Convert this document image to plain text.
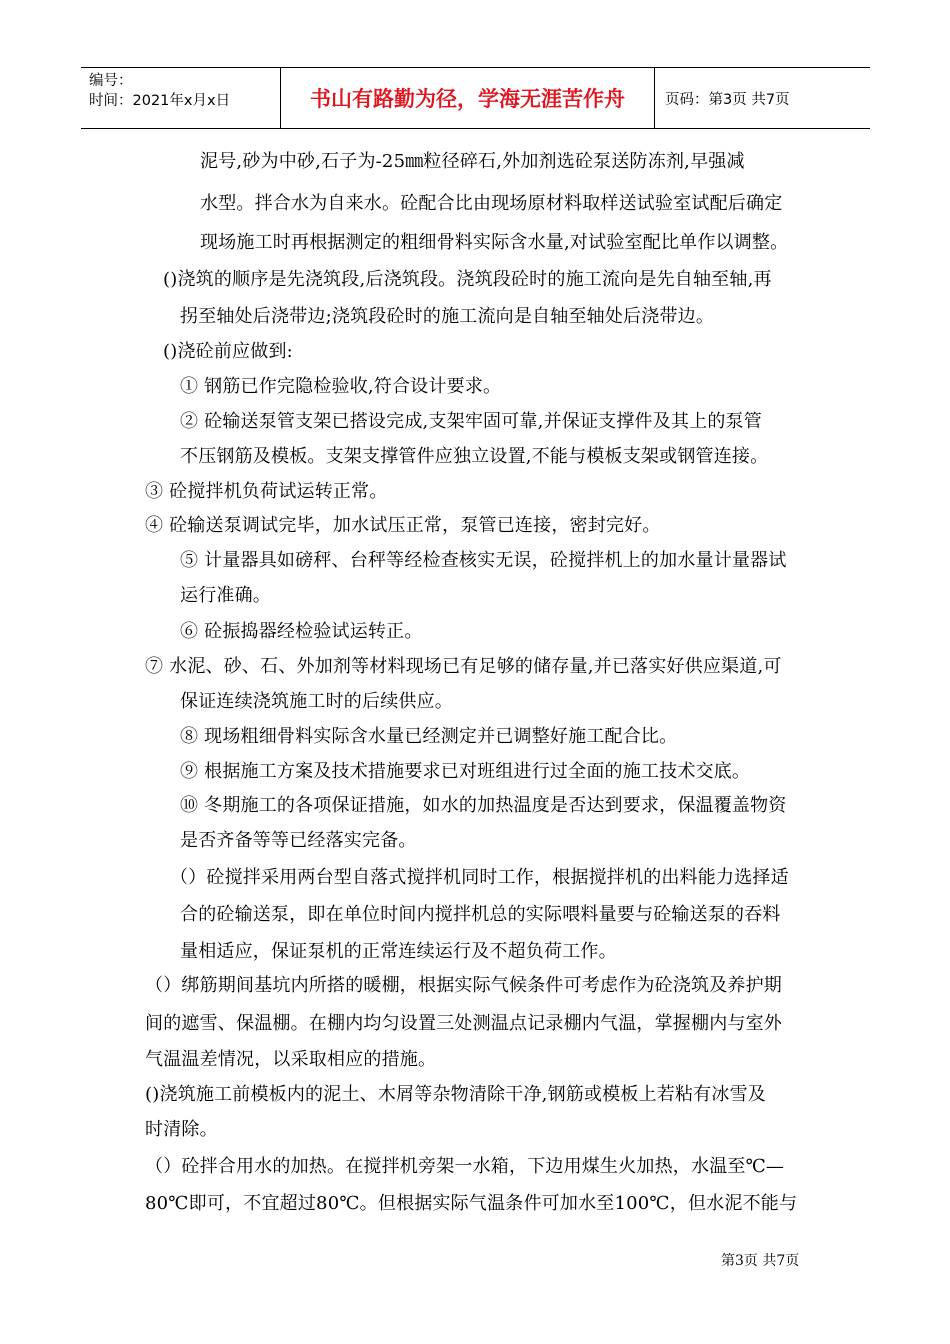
编号：
时间：2021年x月x日	书山有路勤为径，学海无涯苦作舟	页码：第3页 共7页
泥号,砂为中砂,石子为-25㎜粒径碎石,外加剂选砼泵送防冻剂,早强减
水型。拌合水为自来水。砼配合比由现场原材料取样送试验室试配后确定
现场施工时再根据测定的粗细骨料实际含水量,对试验室配比单作以调整。
()浇筑的顺序是先浇筑段,后浇筑段。浇筑段砼时的施工流向是先自轴至轴,再
拐至轴处后浇带边;浇筑段砼时的施工流向是自轴至轴处后浇带边。
()浇砼前应做到:
① 钢筋已作完隐检验收,符合设计要求。
② 砼输送泵管支架已搭设完成,支架牢固可靠,并保证支撑件及其上的泵管
不压钢筋及模板。支架支撑管件应独立设置,不能与模板支架或钢管连接。
③ 砼搅拌机负荷试运转正常。
④ 砼输送泵调试完毕，加水试压正常，泵管已连接，密封完好。
⑤ 计量器具如磅秤、台秤等经检查核实无误，砼搅拌机上的加水量计量器试
运行准确。
⑥ 砼振捣器经检验试运转正。
⑦ 水泥、砂、石、外加剂等材料现场已有足够的储存量,并已落实好供应渠道,可
保证连续浇筑施工时的后续供应。
⑧ 现场粗细骨料实际含水量已经测定并已调整好施工配合比。
⑨ 根据施工方案及技术措施要求已对班组进行过全面的施工技术交底。
⑩ 冬期施工的各项保证措施，如水的加热温度是否达到要求，保温覆盖物资
是否齐备等等已经落实完备。
（）砼搅拌采用两台型自落式搅拌机同时工作，根据搅拌机的出料能力选择适
合的砼输送泵，即在单位时间内搅拌机总的实际喂料量要与砼输送泵的吞料
量相适应，保证泵机的正常连续运行及不超负荷工作。
（）绑筋期间基坑内所搭的暖棚，根据实际气候条件可考虑作为砼浇筑及养护期
间的遮雪、保温棚。在棚内均匀设置三处测温点记录棚内气温，掌握棚内与室外
气温温差情况，以采取相应的措施。
()浇筑施工前模板内的泥土、木屑等杂物清除干净,钢筋或模板上若粘有冰雪及
时清除。
（）砼拌合用水的加热。在搅拌机旁架一水箱，下边用煤生火加热，水温至℃—
80℃即可，不宜超过80℃。但根据实际气温条件可加水至100℃，但水泥不能与
第3页 共7页
